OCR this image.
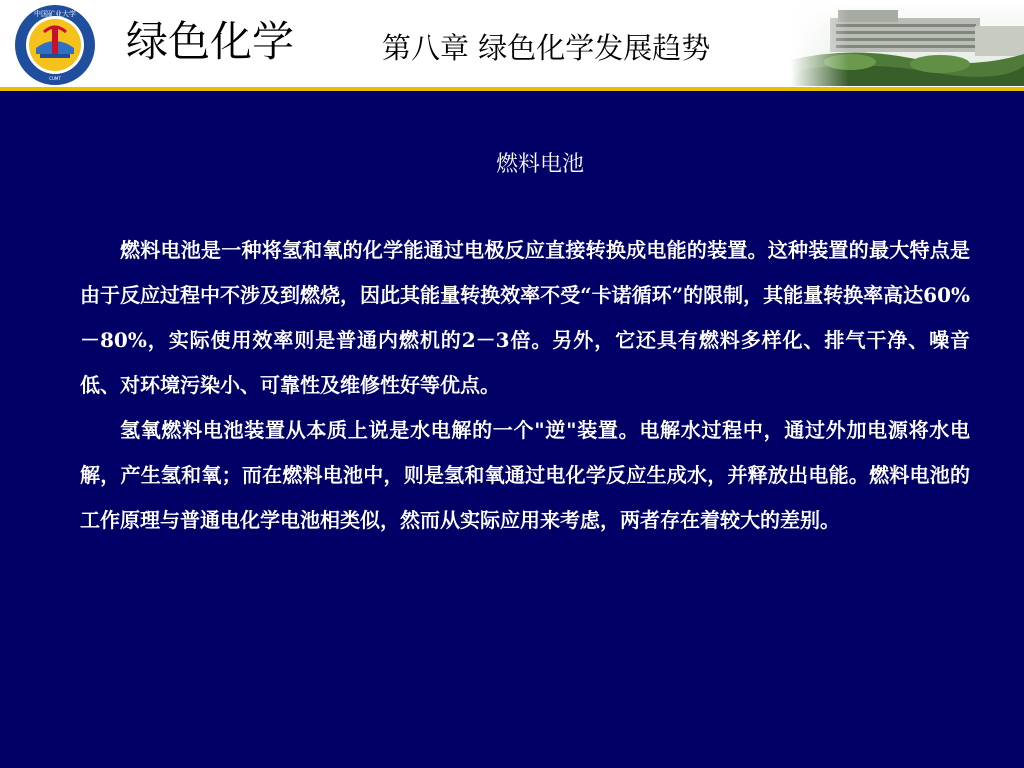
中国矿业大学
CUMT
绿色化学	第八章 绿色化学发展趋势
燃料电池

燃料电池是一种将氢和氧的化学能通过电极反应直接转换成电能的装置。这种装置的最大特点是由于反应过程中不涉及到燃烧，因此其能量转换效率不受“卡诺循环”的限制，其能量转换率高达60%－80%，实际使用效率则是普通内燃机的2－3倍。另外，它还具有燃料多样化、排气干净、噪音低、对环境污染小、可靠性及维修性好等优点。

氢氧燃料电池装置从本质上说是水电解的一个"逆"装置。电解水过程中，通过外加电源将水电解，产生氢和氧；而在燃料电池中，则是氢和氧通过电化学反应生成水，并释放出电能。燃料电池的工作原理与普通电化学电池相类似，然而从实际应用来考虑，两者存在着较大的差别。
